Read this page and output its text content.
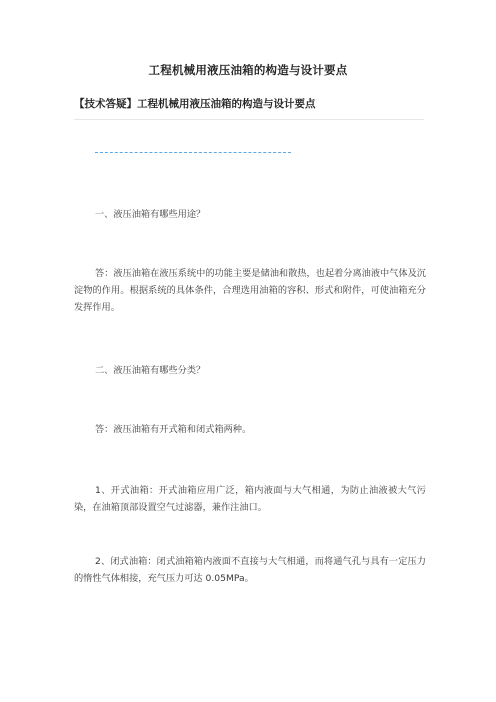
工程机械用液压油箱的构造与设计要点
【技术答疑】工程机械用液压油箱的构造与设计要点

一、液压油箱有哪些用途？

答：液压油箱在液压系统中的功能主要是储油和散热，也起着分离油液中气体及沉淀物的作用。根据系统的具体条件，合理选用油箱的容积、形式和附件，可使油箱充分发挥作用。

二、液压油箱有哪些分类？

答：液压油箱有开式箱和闭式箱两种。

1、开式油箱：开式油箱应用广泛，箱内液面与大气相通，为防止油液被大气污染，在油箱顶部设置空气过滤器，兼作注油口。

2、闭式油箱：闭式油箱箱内液面不直接与大气相通，而将通气孔与具有一定压力的惰性气体相接，充气压力可达 0.05MPa。
